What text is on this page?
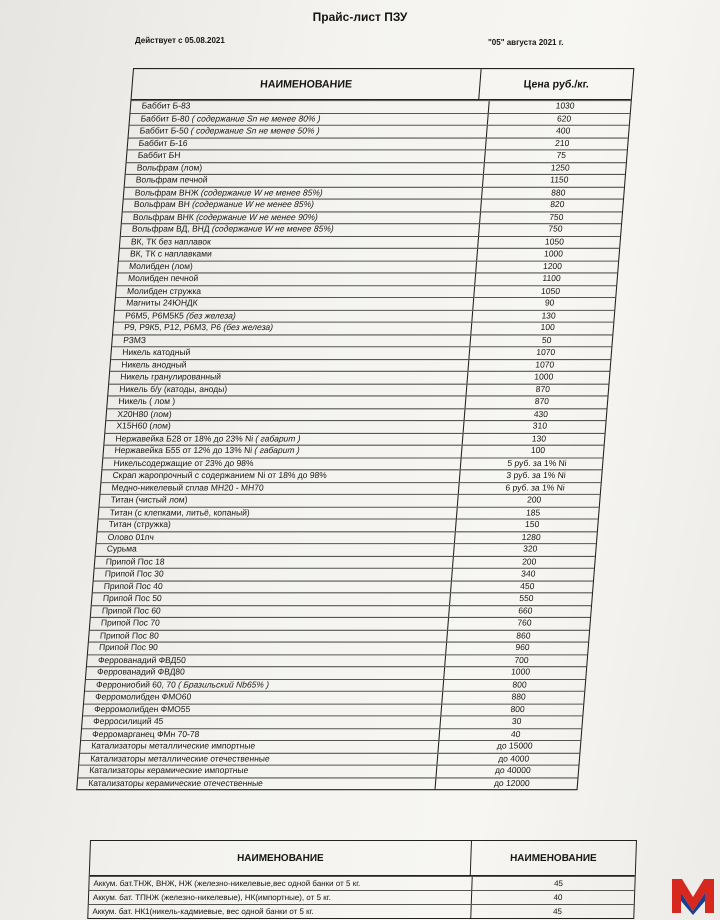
Прайс-лист ПЗУ
Действует с 05.08.2021	"05" августа 2021 г.
НАИМЕНОВАНИЕ	Цена руб./кг.
Баббит Б-83	1030
Баббит Б-80 ( содержание Sn не менее 80% )	620
Баббит Б-50 ( содержание Sn не менее 50% )	400
Баббит Б-16	210
Баббит БН	75
Вольфрам (лом)	1250
Вольфрам печной	1150
Вольфрам ВНЖ (содержание W не менее 85%)	880
Вольфрам ВН (содержание W не менее 85%)	820
Вольфрам ВНК (содержание W не менее 90%)	750
Вольфрам ВД, ВНД (содержание W не менее 85%)	750
ВК, ТК без наплавок	1050
ВК, ТК с наплавками	1000
Молибден (лом)	1200
Молибден печной	1100
Молибден стружка	1050
Магниты 24ЮНДК	90
Р6М5, Р6М5К5 (без железа)	130
Р9, Р9К5, Р12, Р6М3, Р6 (без железа)	100
РЗМЗ	50
Никель катодный	1070
Никель анодный	1070
Никель гранулированный	1000
Никель б/у (катоды, аноды)	870
Никель ( лом )	870
Х20Н80 (лом)	430
Х15Н60 (лом)	310
Нержавейка Б28 от 18% до 23% Ni ( габарит )	130
Нержавейка Б55 от 12% до 13% Ni ( габарит )	100
Никельсодержащие от 23% до 98%	5 руб. за 1% Ni
Скрап жаропрочный с содержанием Ni от 18% до 98%	3 руб. за 1% Ni
Медно-никелевый сплав МН20 - МН70	6 руб. за 1% Ni
Титан (чистый лом)	200
Титан (с клепками, литьё, копаный)	185
Титан (стружка)	150
Олово 01пч	1280
Сурьма	320
Припой Пос 18	200
Припой Пос 30	340
Припой Пос 40	450
Припой Пос 50	550
Припой Пос 60	660
Припой Пос 70	760
Припой Пос 80	860
Припой Пос 90	960
Феррованадий ФВД50	700
Феррованадий ФВД80	1000
Феррониобий 60, 70 ( Бразильский Nb65% )	800
Ферромолибден ФМО60	880
Ферромолибден ФМО55	800
Ферросилиций 45	30
Ферромарганец ФМн 70-78	40
Катализаторы металлические импортные	до 15000
Катализаторы металлические отечественные	до 4000
Катализаторы керамические импортные	до 40000
Катализаторы керамические отечественные	до 12000
НАИМЕНОВАНИЕ	НАИМЕНОВАНИЕ
Аккум. бат.ТНЖ, ВНЖ, НЖ (железно-никелевые,вес одной банки от 5 кг.	45
Аккум. бат. ТПНЖ (железно-никелевые), НК(импортные), от 5 кг.	40
Аккум. бат. НК1(никель-кадмиевые, вес одной банки от 5 кг.	45
